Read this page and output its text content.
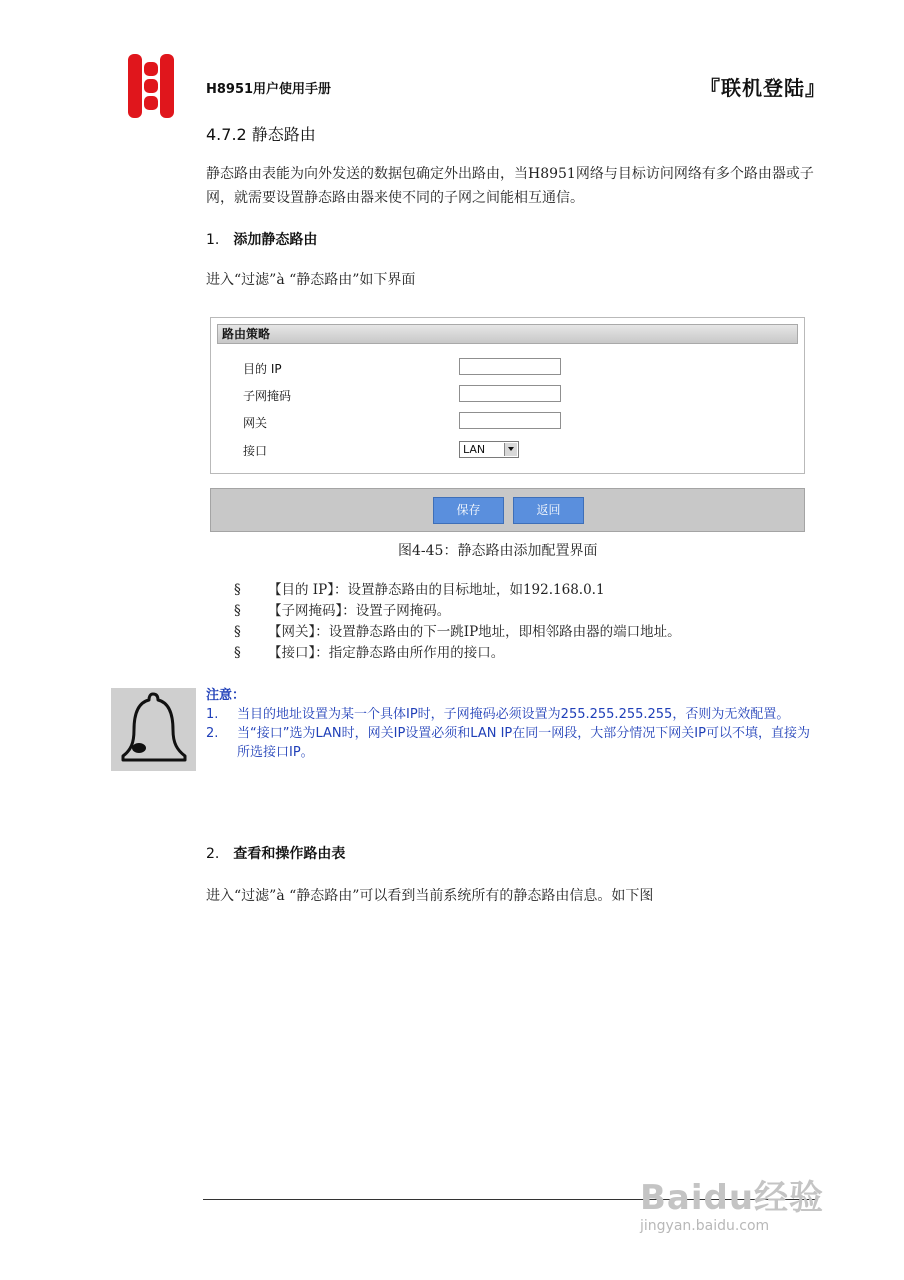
H8951用户使用手册	『联机登陆』
4.7.2 静态路由
静态路由表能为向外发送的数据包确定外出路由，当H8951网络与目标访问网络有多个路由器或子网，就需要设置静态路由器来使不同的子网之间能相互通信。
1. 添加静态路由
进入“过滤”à “静态路由”如下界面
路由策略
目的 IP
子网掩码
网关
接口	LAN
保存	返回
图4-45：静态路由添加配置界面
§ 【目的 IP】：设置静态路由的目标地址，如192.168.0.1
§ 【子网掩码】：设置子网掩码。
§ 【网关】：设置静态路由的下一跳IP地址，即相邻路由器的端口地址。
§ 【接口】：指定静态路由所作用的接口。
注意：
1.	当目的地址设置为某一个具体IP时，子网掩码必须设置为255.255.255.255，否则为无效配置。
2.	当“接口”选为LAN时，网关IP设置必须和LAN IP在同一网段，大部分情况下网关IP可以不填，直接为所选接口IP。
2. 查看和操作路由表
进入“过滤”à “静态路由”可以看到当前系统所有的静态路由信息。如下图
Baidu经验
jingyan.baidu.com
